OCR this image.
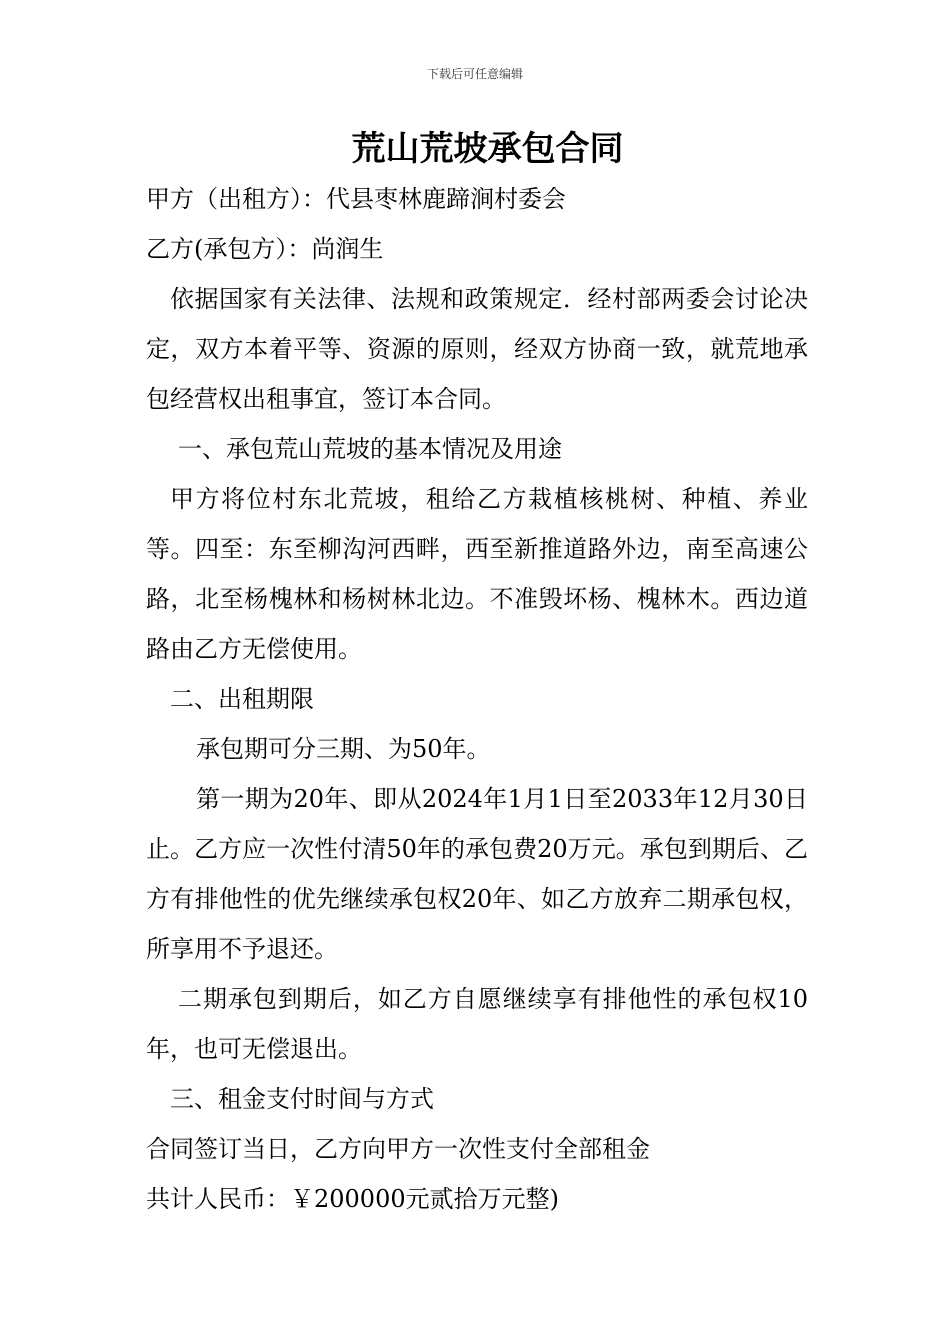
下载后可任意编辑
荒山荒坡承包合同

甲方（出租方）：代县枣林鹿蹄涧村委会

乙方(承包方）：尚润生

依据国家有关法律、法规和政策规定．经村部两委会讨论决定，双方本着平等、资源的原则，经双方协商一致，就荒地承包经营权出租事宜，签订本合同。

一、承包荒山荒坡的基本情况及用途

甲方将位村东北荒坡，租给乙方栽植核桃树、种植、养业等。四至：东至柳沟河西畔，西至新推道路外边，南至高速公路，北至杨槐林和杨树林北边。不准毁坏杨、槐林木。西边道路由乙方无偿使用。

二、出租期限

承包期可分三期、为50年。

第一期为20年、即从2024年1月1日至2033年12月30日止。乙方应一次性付清50年的承包费20万元。承包到期后、乙方有排他性的优先继续承包权20年、如乙方放弃二期承包权，所享用不予退还。

二期承包到期后，如乙方自愿继续享有排他性的承包权10年，也可无偿退出。

三、租金支付时间与方式

合同签订当日，乙方向甲方一次性支付全部租金

共计人民币：￥200000元贰拾万元整)
